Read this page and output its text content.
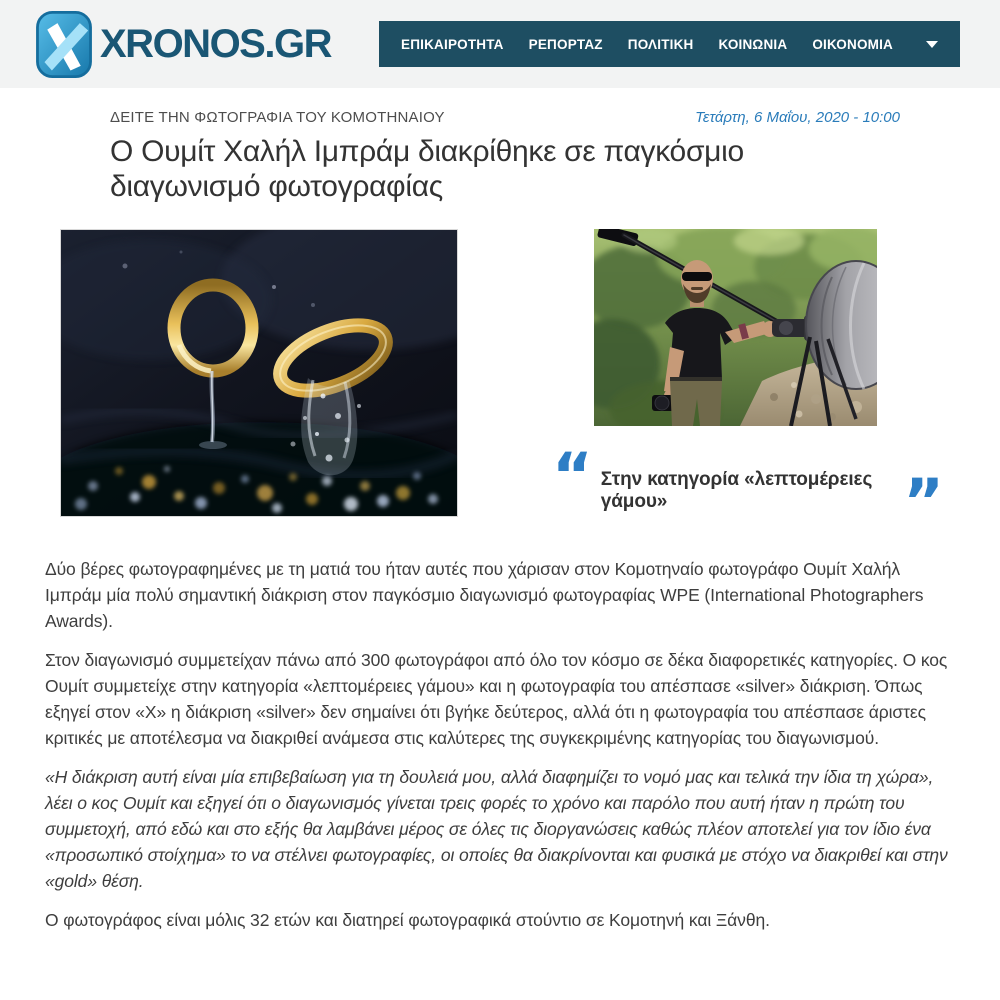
XRONOS.GR	ΕΠΙΚΑΙΡΟΤΗΤΑ ΡΕΠΟΡΤΑΖ ΠΟΛΙΤΙΚΗ ΚΟΙΝΩΝΙΑ ΟΙΚΟΝΟΜΙΑ
ΔΕΙΤΕ ΤΗΝ ΦΩΤΟΓΡΑΦΙΑ ΤΟΥ ΚΟΜΟΤΗΝΑΙΟΥ	Τετάρτη, 6 Μαΐου, 2020 - 10:00
Ο Ουμίτ Χαλήλ Ιμπράμ διακρίθηκε σε παγκόσμιο διαγωνισμό φωτογραφίας
“ Στην κατηγορία «λεπτομέρειες γάμου»	”

Δύο βέρες φωτογραφημένες με τη ματιά του ήταν αυτές που χάρισαν στον Κομοτηναίο φωτογράφο Ουμίτ Χαλήλ Ιμπράμ μία πολύ σημαντική διάκριση στον παγκόσμιο διαγωνισμό φωτογραφίας WPE (International Photographers Awards).

Στον διαγωνισμό συμμετείχαν πάνω από 300 φωτογράφοι από όλο τον κόσμο σε δέκα διαφορετικές κατηγορίες. Ο κος Ουμίτ συμμετείχε στην κατηγορία «λεπτομέρειες γάμου» και η φωτογραφία του απέσπασε «silver» διάκριση. Όπως εξηγεί στον «Χ» η διάκριση «silver» δεν σημαίνει ότι βγήκε δεύτερος, αλλά ότι η φωτογραφία του απέσπασε άριστες κριτικές με αποτέλεσμα να διακριθεί ανάμεσα στις καλύτερες της συγκεκριμένης κατηγορίας του διαγωνισμού.

«Η διάκριση αυτή είναι μία επιβεβαίωση για τη δουλειά μου, αλλά διαφημίζει το νομό μας και τελικά την ίδια τη χώρα», λέει ο κος Ουμίτ και εξηγεί ότι ο διαγωνισμός γίνεται τρεις φορές το χρόνο και παρόλο που αυτή ήταν η πρώτη του συμμετοχή, από εδώ και στο εξής θα λαμβάνει μέρος σε όλες τις διοργανώσεις καθώς πλέον αποτελεί για τον ίδιο ένα «προσωπικό στοίχημα» το να στέλνει φωτογραφίες, οι οποίες θα διακρίνονται και φυσικά με στόχο να διακριθεί και στην «gold» θέση.

Ο φωτογράφος είναι μόλις 32 ετών και διατηρεί φωτογραφικά στούντιο σε Κομοτηνή και Ξάνθη.
